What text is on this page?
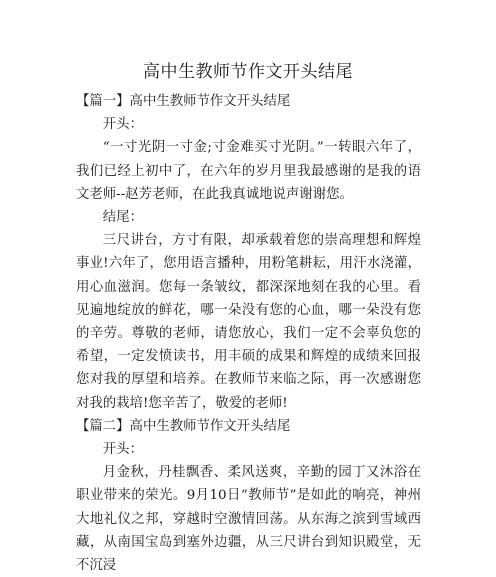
高中生教师节作文开头结尾

【篇一】高中生教师节作文开头结尾

开头：

“一寸光阴一寸金;寸金难买寸光阴。”一转眼六年了，我们已经上初中了，在六年的岁月里我最感谢的是我的语文老师--赵芳老师，在此我真诚地说声谢谢您。

结尾：

三尺讲台，方寸有限，却承载着您的崇高理想和辉煌事业!六年了，您用语言播种，用粉笔耕耘，用汗水浇灌，用心血滋润。您每一条皱纹，都深深地刻在我的心里。看见遍地绽放的鲜花，哪一朵没有您的心血，哪一朵没有您的辛劳。尊敬的老师，请您放心，我们一定不会辜负您的希望，一定发愤读书，用丰硕的成果和辉煌的成绩来回报您对我的厚望和培养。在教师节来临之际，再一次感谢您对我的栽培!您辛苦了，敬爱的老师!

【篇二】高中生教师节作文开头结尾

开头：

月金秋，丹桂飘香、柔风送爽，辛勤的园丁又沐浴在职业带来的荣光。9月10日“教师节”是如此的响亮，神州大地礼仪之邦，穿越时空激情回荡。从东海之滨到雪域西藏，从南国宝岛到塞外边疆，从三尺讲台到知识殿堂，无不沉浸
